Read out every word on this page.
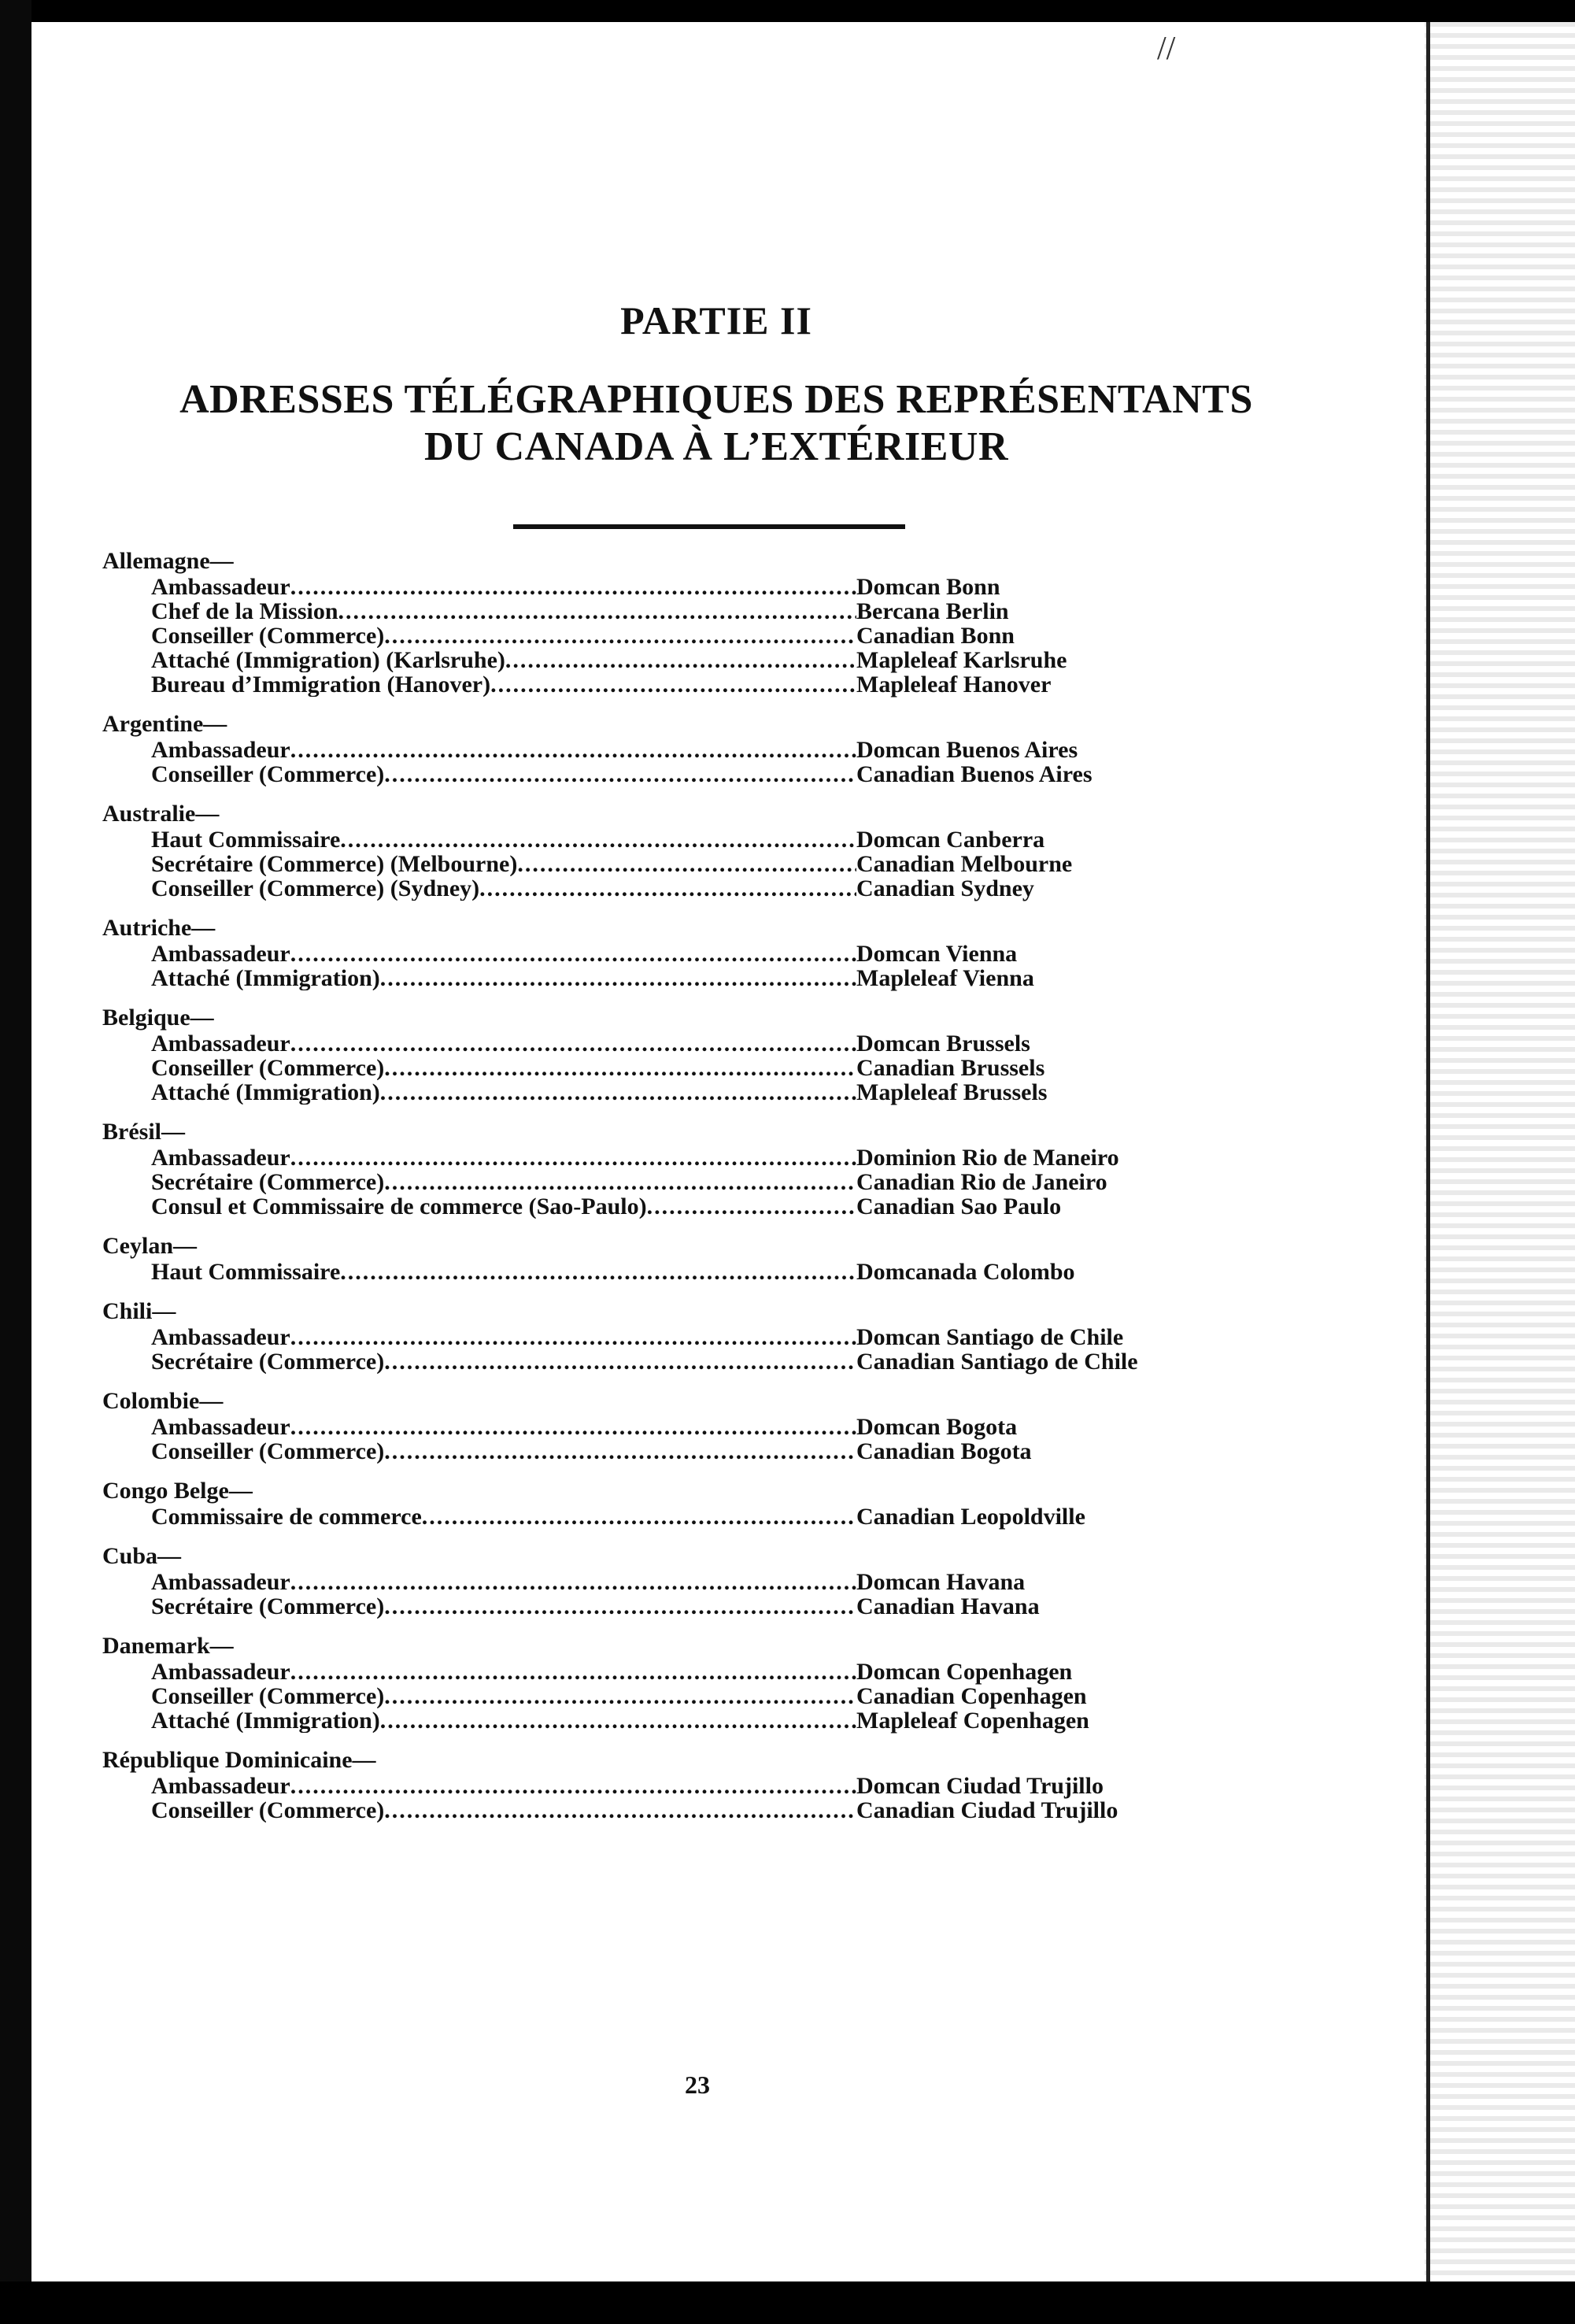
PARTIE II
ADRESSES TÉLÉGRAPHIQUES DES REPRÉSENTANTS
DU CANADA À L’EXTÉRIEUR
Allemagne—
Ambassadeur .....	Domcan Bonn
Chef de la Mission .....	Bercana Berlin
Conseiller (Commerce) .....	Canadian Bonn
Attaché (Immigration) (Karlsruhe) .....	Mapleleaf Karlsruhe
Bureau d’Immigration (Hanover) .....	Mapleleaf Hanover
Argentine—
Ambassadeur .....	Domcan Buenos Aires
Conseiller (Commerce) .....	Canadian Buenos Aires
Australie—
Haut Commissaire .....	Domcan Canberra
Secrétaire (Commerce) (Melbourne) .....	Canadian Melbourne
Conseiller (Commerce) (Sydney) .....	Canadian Sydney
Autriche—
Ambassadeur .....	Domcan Vienna
Attaché (Immigration) .....	Mapleleaf Vienna
Belgique—
Ambassadeur .....	Domcan Brussels
Conseiller (Commerce) .....	Canadian Brussels
Attaché (Immigration) .....	Mapleleaf Brussels
Brésil—
Ambassadeur .....	Dominion Rio de Maneiro
Secrétaire (Commerce) .....	Canadian Rio de Janeiro
Consul et Commissaire de commerce (Sao-Paulo) .....	Canadian Sao Paulo
Ceylan—
Haut Commissaire .....	Domcanada Colombo
Chili—
Ambassadeur .....	Domcan Santiago de Chile
Secrétaire (Commerce) .....	Canadian Santiago de Chile
Colombie—
Ambassadeur .....	Domcan Bogota
Conseiller (Commerce) .....	Canadian Bogota
Congo Belge—
Commissaire de commerce .....	Canadian Leopoldville
Cuba—
Ambassadeur .....	Domcan Havana
Secrétaire (Commerce) .....	Canadian Havana
Danemark—
Ambassadeur .....	Domcan Copenhagen
Conseiller (Commerce) .....	Canadian Copenhagen
Attaché (Immigration) .....	Mapleleaf Copenhagen
République Dominicaine—
Ambassadeur .....	Domcan Ciudad Trujillo
Conseiller (Commerce) .....	Canadian Ciudad Trujillo
23
//
